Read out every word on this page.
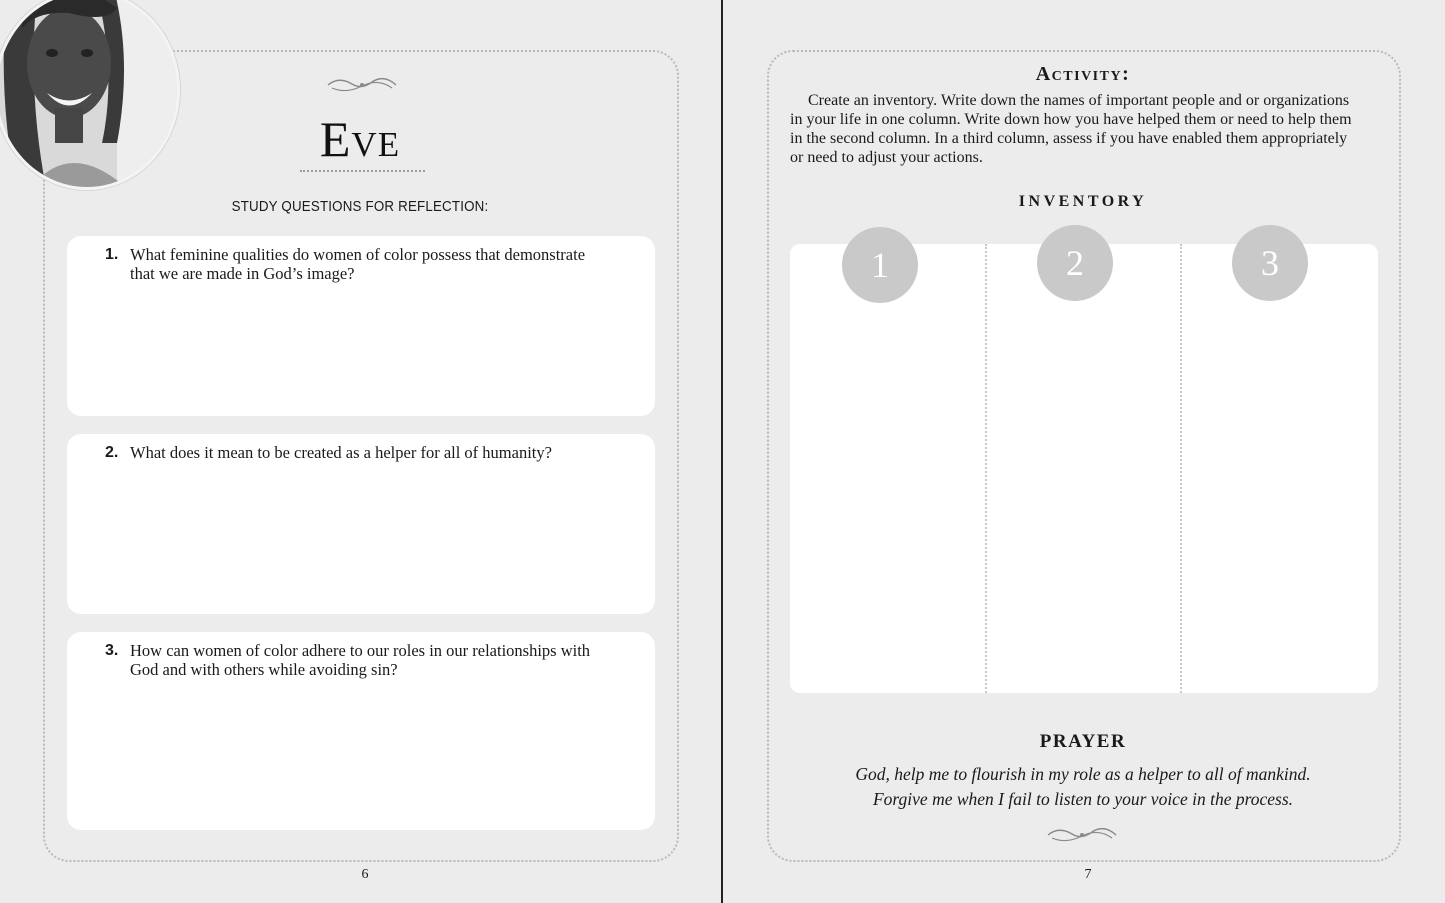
Eve
STUDY QUESTIONS FOR REFLECTION:
1. What feminine qualities do women of color possess that demonstrate that we are made in God’s image?
2. What does it mean to be created as a helper for all of humanity?
3. How can women of color adhere to our roles in our relationships with God and with others while avoiding sin?
6
Activity:
Create an inventory. Write down the names of important people and or organizations in your life in one column. Write down how you have helped them or need to help them in the second column. In a third column, assess if you have enabled them appropriately or need to adjust your actions.
INVENTORY
1	2	3
PRAYER
God, help me to flourish in my role as a helper to all of mankind.
Forgive me when I fail to listen to your voice in the process.
7
